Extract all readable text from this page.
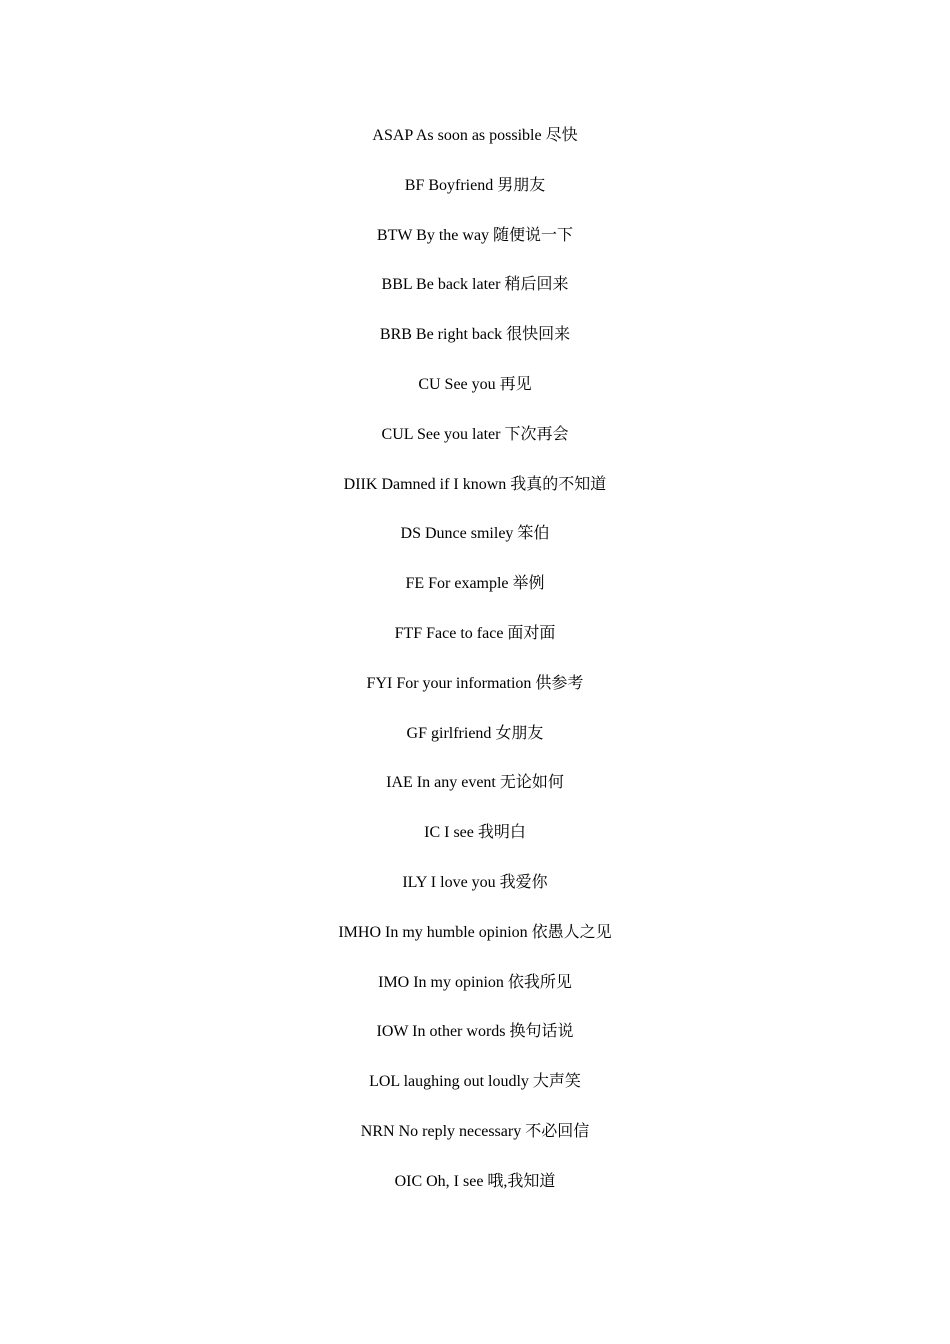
ASAP As soon as possible 尽快
BF Boyfriend 男朋友
BTW By the way 随便说一下
BBL Be back later 稍后回来
BRB Be right back 很快回来
CU See you 再见
CUL See you later 下次再会
DIIK Damned if I known 我真的不知道
DS Dunce smiley 笨伯
FE For example 举例
FTF Face to face 面对面
FYI For your information 供参考
GF girlfriend 女朋友
IAE In any event 无论如何
IC I see 我明白
ILY I love you 我爱你
IMHO In my humble opinion 依愚人之见
IMO In my opinion 依我所见
IOW In other words 换句话说
LOL laughing out loudly 大声笑
NRN No reply necessary 不必回信
OIC Oh, I see 哦,我知道
